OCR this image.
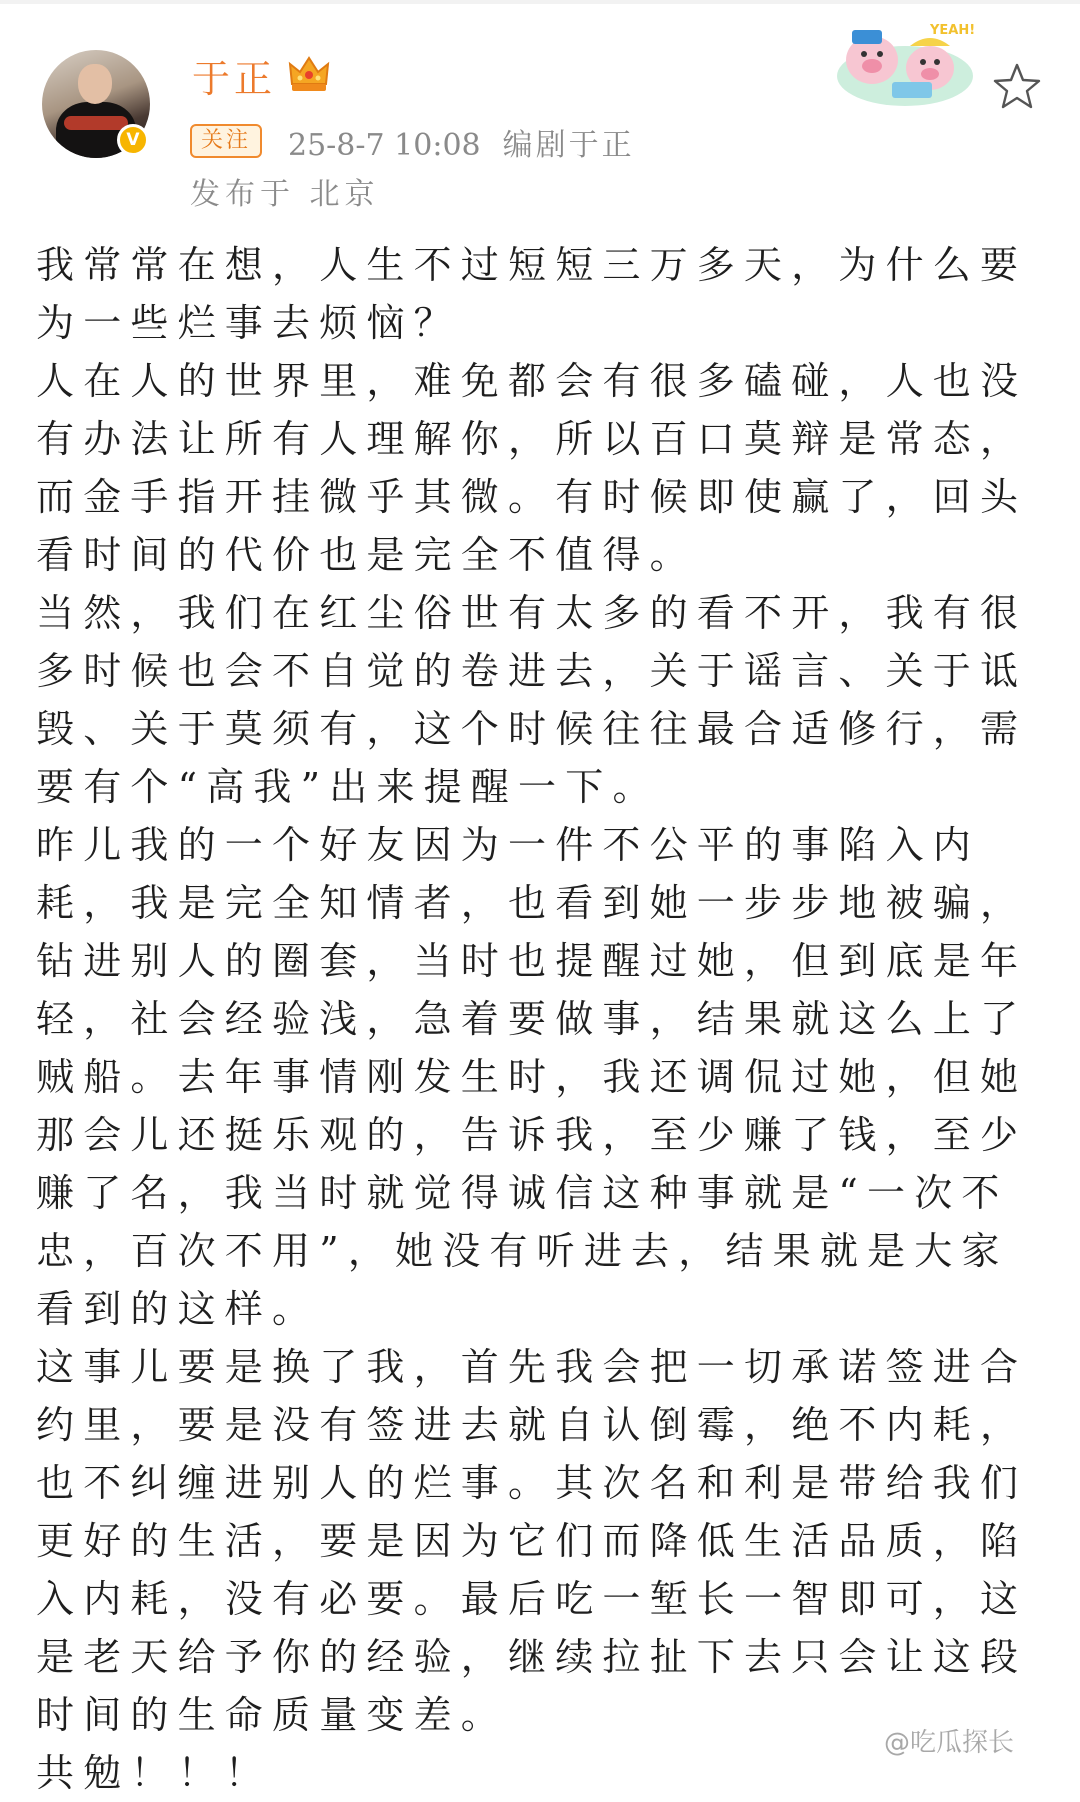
V
于正
关注	25-8-7 10:08 编剧于正
发布于 北京
YEAH!

我常常在想，人生不过短短三万多天，为什么要为一些烂事去烦恼？

人在人的世界里，难免都会有很多磕碰，人也没有办法让所有人理解你，所以百口莫辩是常态，而金手指开挂微乎其微。有时候即使赢了，回头看时间的代价也是完全不值得。

当然，我们在红尘俗世有太多的看不开，我有很多时候也会不自觉的卷进去，关于谣言、关于诋毁、关于莫须有，这个时候往往最合适修行，需要有个“高我”出来提醒一下。

昨儿我的一个好友因为一件不公平的事陷入内耗，我是完全知情者，也看到她一步步地被骗，钻进别人的圈套，当时也提醒过她，但到底是年轻，社会经验浅，急着要做事，结果就这么上了贼船。去年事情刚发生时，我还调侃过她，但她那会儿还挺乐观的，告诉我，至少赚了钱，至少赚了名，我当时就觉得诚信这种事就是“一次不忠，百次不用”，她没有听进去，结果就是大家看到的这样。

这事儿要是换了我，首先我会把一切承诺签进合约里，要是没有签进去就自认倒霉，绝不内耗，也不纠缠进别人的烂事。其次名和利是带给我们更好的生活，要是因为它们而降低生活品质，陷入内耗，没有必要。最后吃一堑长一智即可，这是老天给予你的经验，继续拉扯下去只会让这段时间的生命质量变差。

共勉！！！

@吃瓜探长
